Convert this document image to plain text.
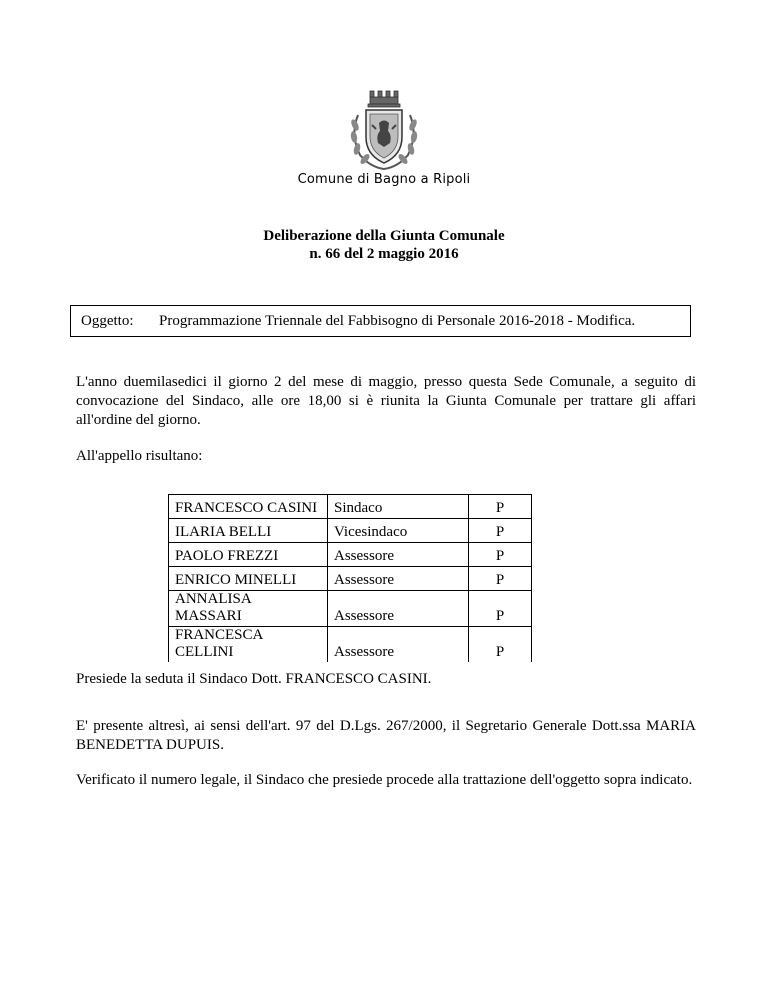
Comune di Bagno a Ripoli
Deliberazione della Giunta Comunale
n. 66 del 2 maggio 2016
Oggetto: Programmazione Triennale del Fabbisogno di Personale 2016-2018 - Modifica.
L'anno duemilasedici il giorno 2 del mese di maggio, presso questa Sede Comunale, a seguito di convocazione del Sindaco, alle ore 18,00 si è riunita la Giunta Comunale per trattare gli affari all'ordine del giorno.
All'appello risultano:
FRANCESCO CASINI	Sindaco	P
ILARIA BELLI	Vicesindaco	P
PAOLO FREZZI	Assessore	P
ENRICO MINELLI	Assessore	P
ANNALISA MASSARI	Assessore	P
FRANCESCA CELLINI	Assessore	P
Presiede la seduta il Sindaco Dott. FRANCESCO CASINI.
E' presente altresì, ai sensi dell'art. 97 del D.Lgs. 267/2000, il Segretario Generale Dott.ssa MARIA BENEDETTA DUPUIS.
Verificato il numero legale, il Sindaco che presiede procede alla trattazione dell'oggetto sopra indicato.
